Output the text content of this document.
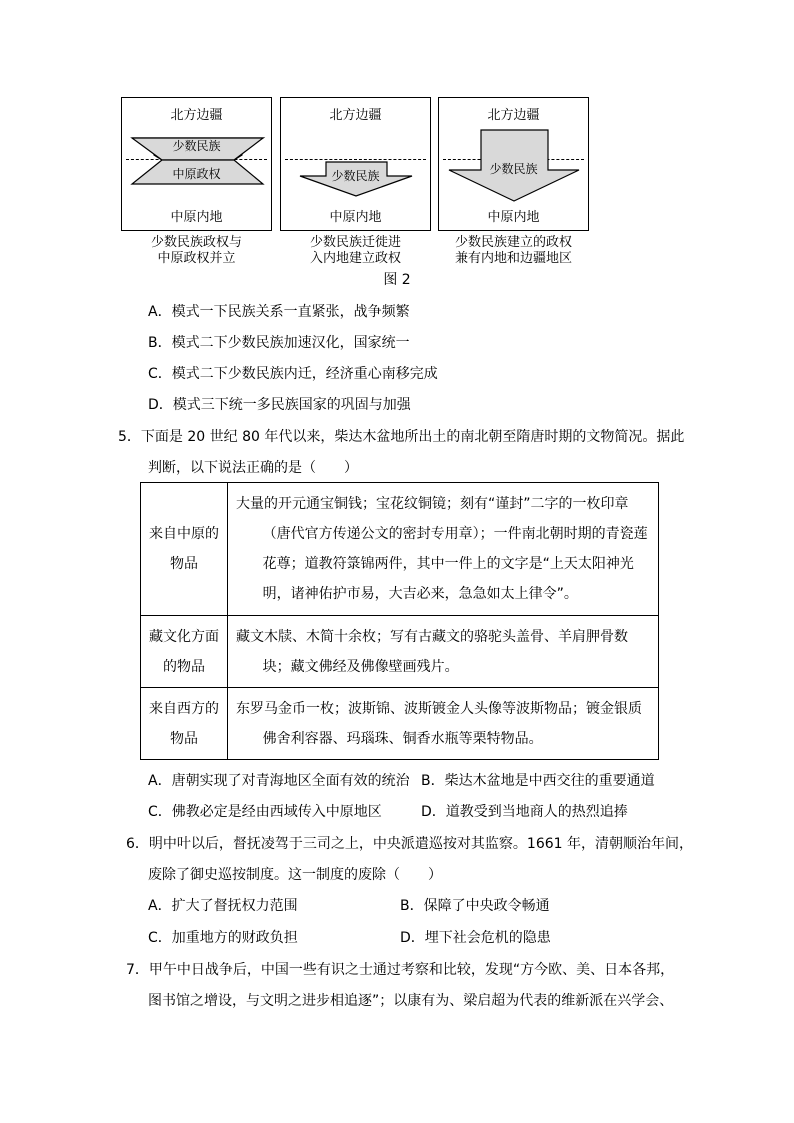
北方边疆
少数民族
中原政权
中原内地
北方边疆
少数民族
中原内地
北方边疆
少数民族
中原内地
少数民族政权与
中原政权并立
少数民族迁徙进
入内地建立政权
少数民族建立的政权
兼有内地和边疆地区
图 2
A．模式一下民族关系一直紧张，战争频繁
B．模式二下少数民族加速汉化，国家统一
C．模式二下少数民族内迁，经济重心南移完成
D．模式三下统一多民族国家的巩固与加强
5．下面是 20 世纪 80 年代以来，柴达木盆地所出土的南北朝至隋唐时期的文物简况。据此
判断，以下说法正确的是（　　）
来自中原的
物品	大量的开元通宝铜钱；宝花纹铜镜；刻有“谨封”二字的一枚印章（唐代官方传递公文的密封专用章）；一件南北朝时期的青瓷莲花尊；道教符箓锦两件，其中一件上的文字是“上天太阳神光明，诸神佑护市易，大吉必来，急急如太上律令”。

藏文化方面
的物品	藏文木牍、木简十余枚；写有古藏文的骆驼头盖骨、羊肩胛骨数块；藏文佛经及佛像壁画残片。

来自西方的
物品	东罗马金币一枚；波斯锦、波斯镀金人头像等波斯物品；镀金银质佛舍利容器、玛瑙珠、铜香水瓶等栗特物品。
A．唐朝实现了对青海地区全面有效的统治 B．柴达木盆地是中西交往的重要通道
C．佛教必定是经由西域传入中原地区	D．道教受到当地商人的热烈追捧
6．明中叶以后，督抚凌驾于三司之上，中央派遣巡按对其监察。1661 年，清朝顺治年间，
废除了御史巡按制度。这一制度的废除（　　）
A．扩大了督抚权力范围	B．保障了中央政令畅通
C．加重地方的财政负担	D．埋下社会危机的隐患
7．甲午中日战争后，中国一些有识之士通过考察和比较，发现“方今欧、美、日本各邦，
图书馆之增设，与文明之进步相追逐”；以康有为、梁启超为代表的维新派在兴学会、
